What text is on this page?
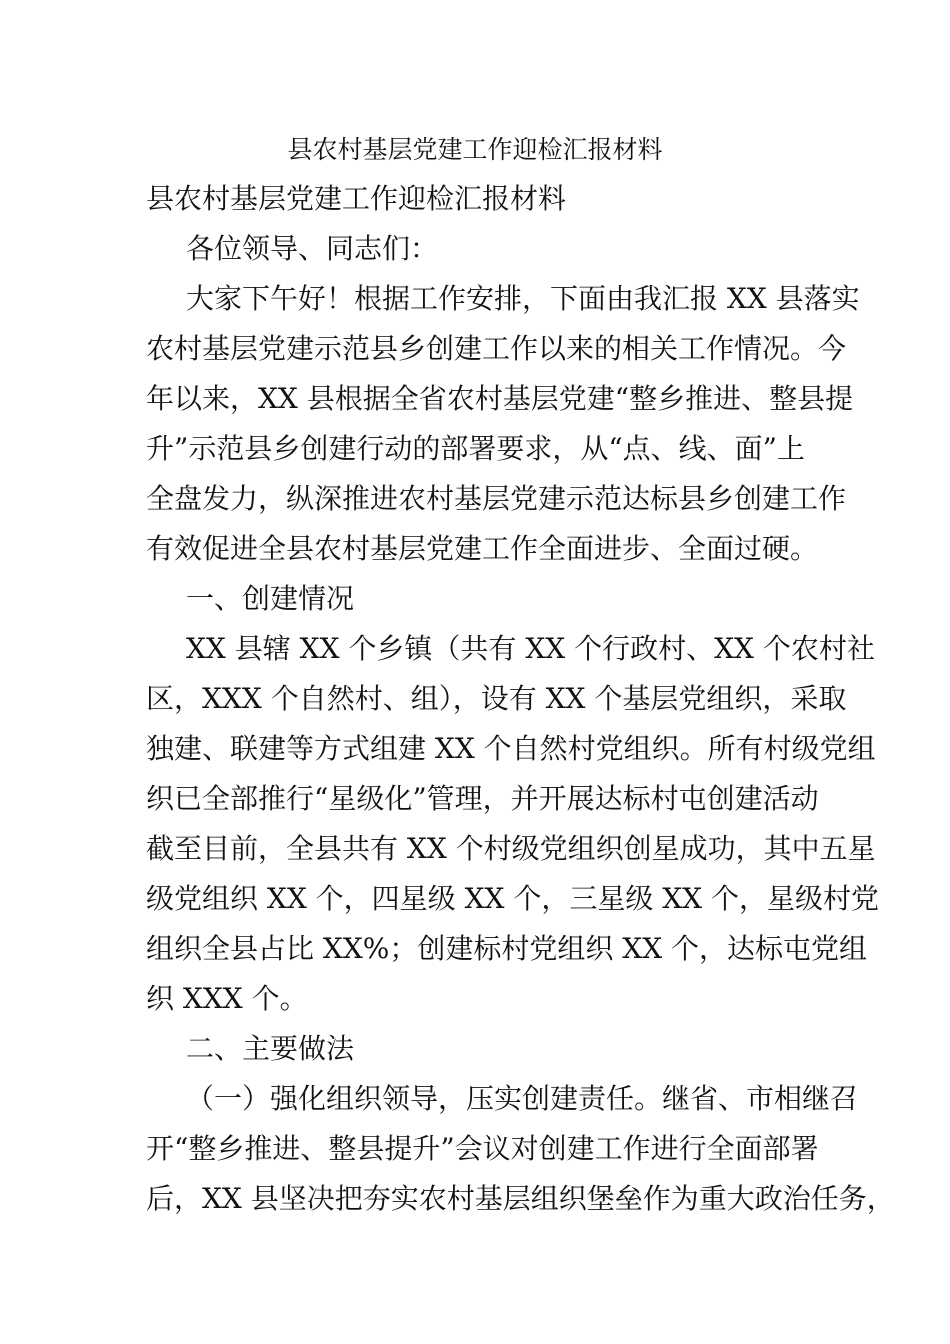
县农村基层党建工作迎检汇报材料

县农村基层党建工作迎检汇报材料

各位领导、同志们：

大家下午好！根据工作安排，下面由我汇报 XX 县落实

农村基层党建示范县乡创建工作以来的相关工作情况。今

年以来，XX 县根据全省农村基层党建“整乡推进、整县提

升”示范县乡创建行动的部署要求，从“点、线、面”上

全盘发力，纵深推进农村基层党建示范达标县乡创建工作

有效促进全县农村基层党建工作全面进步、全面过硬。

一、创建情况

XX 县辖 XX 个乡镇（共有 XX 个行政村、XX 个农村社

区，XXX 个自然村、组），设有 XX 个基层党组织，采取

独建、联建等方式组建 XX 个自然村党组织。所有村级党组

织已全部推行“星级化”管理，并开展达标村屯创建活动

截至目前，全县共有 XX 个村级党组织创星成功，其中五星

级党组织 XX 个，四星级 XX 个，三星级 XX 个，星级村党

组织全县占比 XX%；创建标村党组织 XX 个，达标屯党组

织 XXX 个。

二、主要做法

（一）强化组织领导，压实创建责任。继省、市相继召

开“整乡推进、整县提升”会议对创建工作进行全面部署

后，XX 县坚决把夯实农村基层组织堡垒作为重大政治任务，
